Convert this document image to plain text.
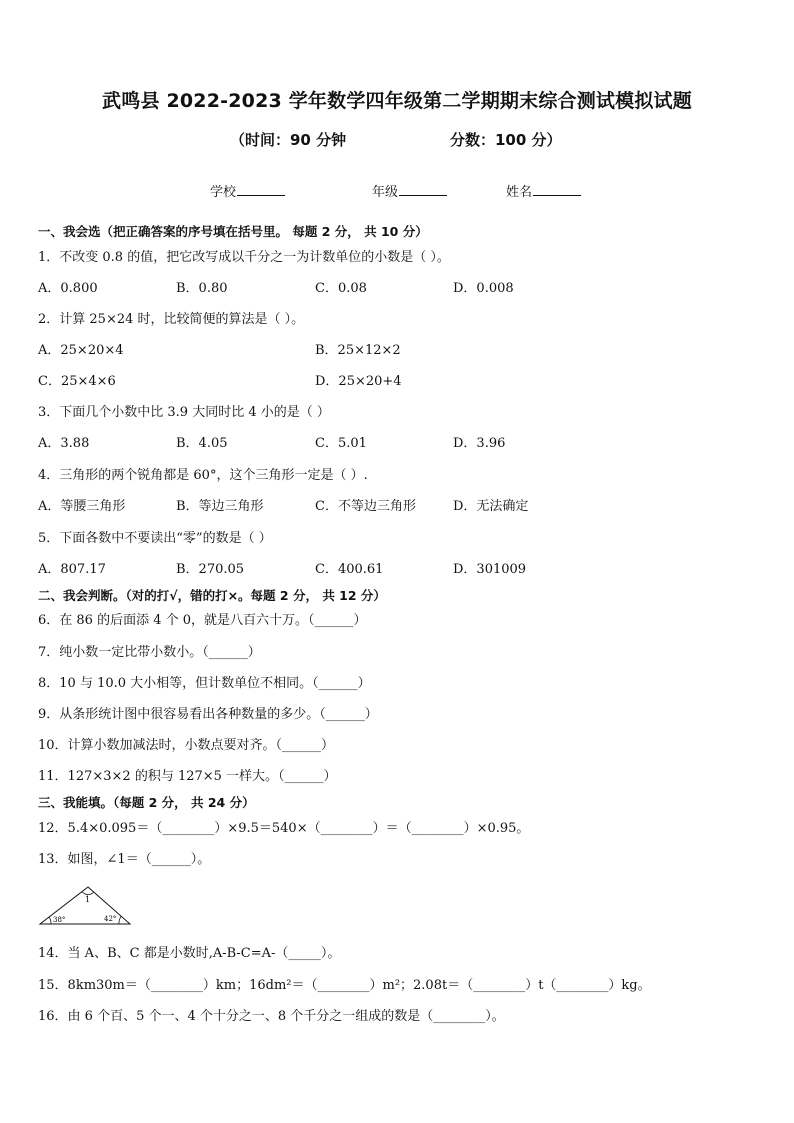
武鸣县 2022-2023 学年数学四年级第二学期期末综合测试模拟试题
（时间：90 分钟	分数：100 分）
学校	年级	姓名
一、我会选（把正确答案的序号填在括号里。 每题 2 分， 共 10 分）
1．不改变 0.8 的值，把它改写成以千分之一为计数单位的小数是（ ）。
A．0.800	B．0.80	C．0.08	D．0.008
2．计算 25×24 时，比较简便的算法是（ ）。
A．25×20×4	B．25×12×2
C．25×4×6	D．25×20+4
3．下面几个小数中比 3.9 大同时比 4 小的是（ ）
A．3.88	B．4.05	C．5.01	D．3.96
4．三角形的两个锐角都是 60°，这个三角形一定是（ ）.
A．等腰三角形	B．等边三角形	C．不等边三角形	D．无法确定
5．下面各数中不要读出“零”的数是（ ）
A．807.17	B．270.05	C．400.61	D．301009
二、我会判断。（对的打√，错的打×。每题 2 分， 共 12 分）
6．在 86 的后面添 4 个 0，就是八百六十万。（______）
7．纯小数一定比带小数小。（______）
8．10 与 10.0 大小相等，但计数单位不相同。（______）
9．从条形统计图中很容易看出各种数量的多少。（______）
10．计算小数加减法时，小数点要对齐。（______）
11．127×3×2 的积与 127×5 一样大。（______）
三、我能填。（每题 2 分， 共 24 分）
12．5.4×0.095＝（________）×9.5＝540×（________）＝（________）×0.95。
13．如图，∠1＝（______）。
1
38°	42°
14．当 A、B、C 都是小数时,A-B-C=A-（_____）。
15．8km30m＝（________）km；16dm²＝（________）m²；2.08t＝（________）t（________）kg。
16．由 6 个百、5 个一、4 个十分之一、8 个千分之一组成的数是（________）。
